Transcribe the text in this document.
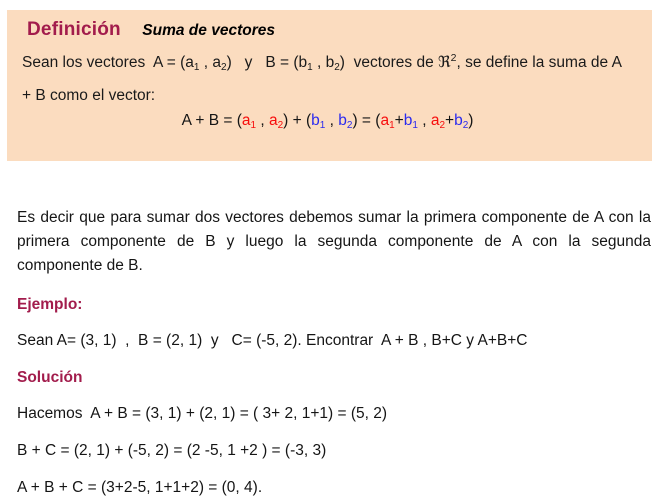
Definición Suma de vectores

Sean los vectores  $A = (a_1$ , $a_2$)   y   $B = (b_1$ , $b_2$)  vectores de ℜ$^2$, se define la suma de A
+ B como el vector:

$A + B = (a_1$ , $a_2) + (b_1$ , $b_2) = (a_1+b_1$ , $a_2+b_2$)

Es decir que para sumar dos vectores debemos sumar la primera componente de A con la primera componente de B y luego la segunda componente de A con la segunda componente de B.

Ejemplo:

Sean A= (3, 1)  ,  B = (2, 1)  y   C= (-5, 2). Encontrar  A + B , B+C y A+B+C

Solución

Hacemos  A + B = (3, 1) + (2, 1) = ( 3+ 2, 1+1) = (5, 2)

B + C = (2, 1) + (-5, 2) = (2 -5, 1 +2 ) = (-3, 3)

A + B + C = (3+2-5, 1+1+2) = (0, 4).
